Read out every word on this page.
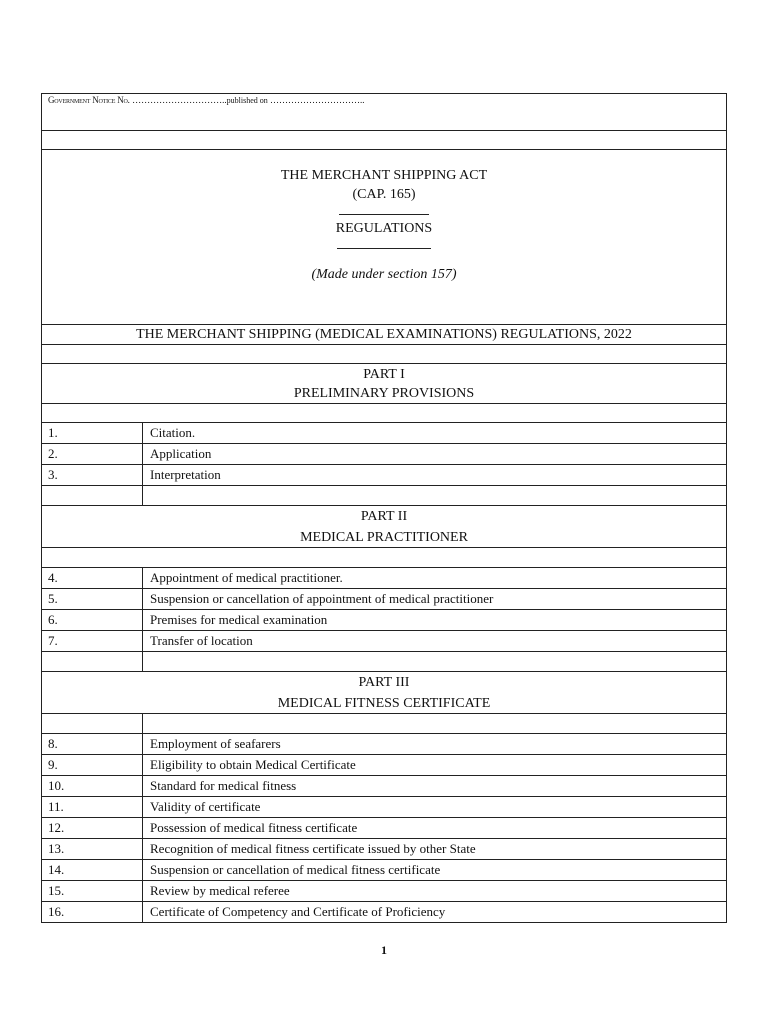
Government Notice No. …………………………..published on …………………………..	

THE MERCHANT SHIPPING ACT
(CAP. 165)
REGULATIONS
(Made under section 157)	

THE MERCHANT SHIPPING (MEDICAL EXAMINATIONS) REGULATIONS, 2022	

PART I
PRELIMINARY PROVISIONS	

1.	Citation.
2.	Application
3.	Interpretation

PART II
MEDICAL PRACTITIONER	

4.	Appointment of medical practitioner.
5.	Suspension or cancellation of appointment of medical practitioner
6.	Premises for medical examination
7.	Transfer of location

PART III
MEDICAL FITNESS CERTIFICATE	

8.	Employment of seafarers
9.	Eligibility to obtain Medical Certificate
10.	Standard for medical fitness
11.	Validity of certificate
12.	Possession of medical fitness certificate
13.	Recognition of medical fitness certificate issued by other State
14.	Suspension or cancellation of medical fitness certificate
15.	Review by medical referee
16.	Certificate of Competency and Certificate of Proficiency
1
